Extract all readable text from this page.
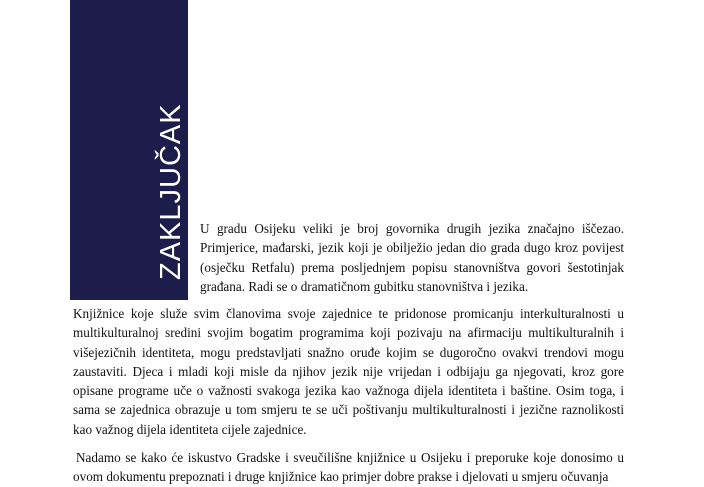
ZAKLJUČAK U gradu Osijeku veliki je broj govornika drugih jezika značajno iščezao. Primjerice, mađarski, jezik koji je obilježio jedan dio grada dugo kroz povijest (osječku Retfalu) prema posljednjem popisu stanovništva govori šestotinjak građana. Radi se o dramatičnom gubitku stanovništva i jezika.

Knjižnice koje služe svim članovima svoje zajednice te pridonose promicanju interkulturalnosti u multikulturalnoj sredini svojim bogatim programima koji pozivaju na afirmaciju multikulturalnih i višejezičnih identiteta, mogu predstavljati snažno oruđe kojim se dugoročno ovakvi trendovi mogu zaustaviti. Djeca i mladi koji misle da njihov jezik nije vrijedan i odbijaju ga njegovati, kroz gore opisane programe uče o važnosti svakoga jezika kao važnoga dijela identiteta i baštine. Osim toga, i sama se zajednica obrazuje u tom smjeru te se uči poštivanju multikulturalnosti i jezične raznolikosti kao važnog dijela identiteta cijele zajednice.

Nadamo se kako će iskustvo Gradske i sveučilišne knjižnice u Osijeku i preporuke koje donosimo u ovom dokumentu prepoznati i druge knjižnice kao primjer dobre prakse i djelovati u smjeru očuvanja
